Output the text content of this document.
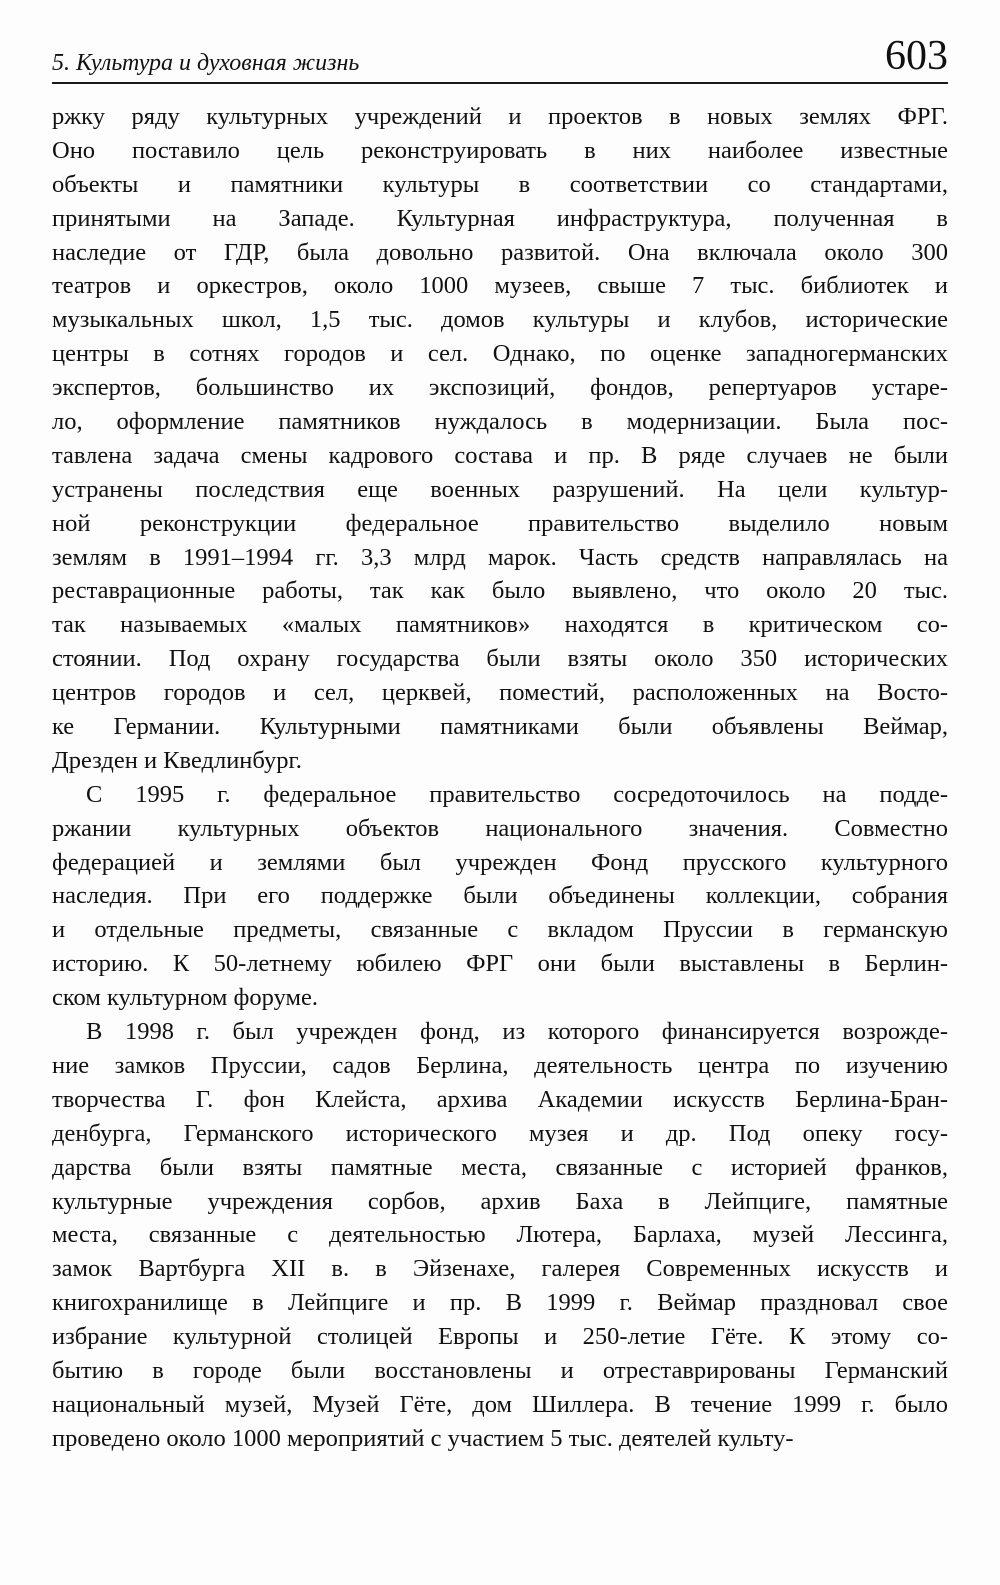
5. Культура и духовная жизнь	603
ржку ряду культурных учреждений и проектов в новых землях ФРГ.
Оно поставило цель реконструировать в них наиболее известные
объекты и памятники культуры в соответствии со стандартами,
принятыми на Западе. Культурная инфраструктура, полученная в
наследие от ГДР, была довольно развитой. Она включала около 300
театров и оркестров, около 1000 музеев, свыше 7 тыс. библиотек и
музыкальных школ, 1,5 тыс. домов культуры и клубов, исторические
центры в сотнях городов и сел. Однако, по оценке западногерманских
экспертов, большинство их экспозиций, фондов, репертуаров устаре-
ло, оформление памятников нуждалось в модернизации. Была пос-
тавлена задача смены кадрового состава и пр. В ряде случаев не были
устранены последствия еще военных разрушений. На цели культур-
ной реконструкции федеральное правительство выделило новым
землям в 1991–1994 гг. 3,3 млрд марок. Часть средств направлялась на
реставрационные работы, так как было выявлено, что около 20 тыс.
так называемых «малых памятников» находятся в критическом со-
стоянии. Под охрану государства были взяты около 350 исторических
центров городов и сел, церквей, поместий, расположенных на Восто-
ке Германии. Культурными памятниками были объявлены Веймар,
Дрезден и Кведлинбург.
С 1995 г. федеральное правительство сосредоточилось на подде-
ржании культурных объектов национального значения. Совместно
федерацией и землями был учрежден Фонд прусского культурного
наследия. При его поддержке были объединены коллекции, собрания
и отдельные предметы, связанные с вкладом Пруссии в германскую
историю. К 50-летнему юбилею ФРГ они были выставлены в Берлин-
ском культурном форуме.
В 1998 г. был учрежден фонд, из которого финансируется возрожде-
ние замков Пруссии, садов Берлина, деятельность центра по изучению
творчества Г. фон Клейста, архива Академии искусств Берлина-Бран-
денбурга, Германского исторического музея и др. Под опеку госу-
дарства были взяты памятные места, связанные с историей франков,
культурные учреждения сорбов, архив Баха в Лейпциге, памятные
места, связанные с деятельностью Лютера, Барлаха, музей Лессинга,
замок Вартбурга XII в. в Эйзенахе, галерея Современных искусств и
книгохранилище в Лейпциге и пр. В 1999 г. Веймар праздновал свое
избрание культурной столицей Европы и 250-летие Гёте. К этому со-
бытию в городе были восстановлены и отреставрированы Германский
национальный музей, Музей Гёте, дом Шиллера. В течение 1999 г. было
проведено около 1000 мероприятий с участием 5 тыс. деятелей культу-
